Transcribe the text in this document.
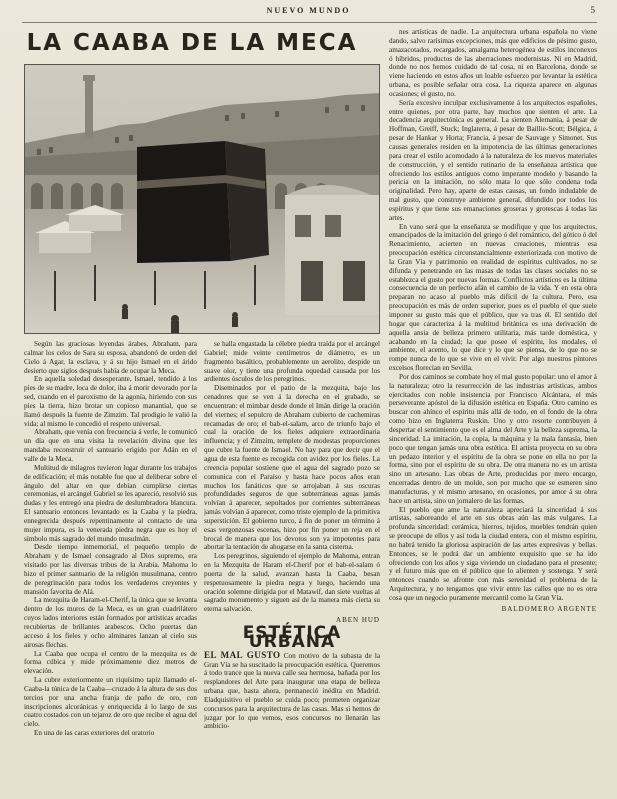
NUEVO MUNDO	5
LA CAABA DE LA MECA

Según las graciosas leyendas árabes, Abraham, para calmar los celos de Sara su esposa, abandonó de orden del Cielo á Agar, la esclava, y á su hijo Ismael en el árido desierto que siglos después había de ocupar la Meca.

En aquella soledad desesperante, Ismael, tendido á los pies de su madre, loca de dolor, iba á morir devorado por la sed, cuando en el paroxismo de la agonía, hiriendo con sus pies la tierra, hizo brotar un copioso manantial, que se llamó después la fuente de Zimzim. Tal prodigio le valió la vida; al mismo le concedió el respeto universal.

Abraham, que venía con frecuencia á verle, le comunicó un día que en una visita la revelación divina que les mandaba reconstruir el santuario erigido por Adán en el valle de la Meca.

Multitud de milagros tuvieron lugar durante los trabajos de edificación; el más notable fue que al deliberar sobre el ángulo del altar en que debían cumplirse ciertas ceremonias, el arcángel Gabriel se les apareció, resolvió sus dudas y les entregó una piedra de deslumbradora blancura. El santuario entonces levantado es la Caaba y la piedra, ennegrecida después repentinamente al contacto de una mujer impura, es la venerada piedra negra que es hoy el símbolo más sagrado del mundo musulmán.

Desde tiempo inmemorial, el pequeño templo de Abraham y de Ismael consagrado al Dios supremo, era visitado por las diversas tribus de la Arabia. Mahoma lo hizo el primer santuario de la religión musulmana, centro de peregrinación para todos los verdaderos creyentes y mansión favorita de Alá.

La mezquita de Haram-el-Cherif, la única que se levanta dentro de los muros de la Meca, es un gran cuadrilátero cuyos lados interiores están formados por artísticas arcadas recubiertas de brillantes arabescos. Ocho puertas dan acceso á los fieles y ocho alminares lanzan al cielo sus airosas flechas.

La Caaba que ocupa el centro de la mezquita es de forma cúbica y mide próximamente diez metros de elevación.

La cubre exteriormente un riquísimo tapiz llamado el-Caaba-la túnica de la Caaba—cruzado á la altura de sus dos tercios por una ancha franja de paño de oro, con inscripciones alcoránicas y enriquecida á lo largo de sus cuatro costados con un tejaroz de oro que recibe el agua del cielo.

En una de las caras exteriores del oratorio

se halla engastada la célebre piedra traída por el arcángel Gabriel; mide veinte centímetros de diámetro, es un fragmento basáltico, probablemente un aerolito, despide un suave olor, y tiene una profunda oquedad causada por los ardientes ósculos de los peregrinos.

Diseminados por el patio de la mezquita, bajo los cenadores que se ven á la derecha en el grabado, se encuentran: el mimbar desde donde el Imán dirige la oración del viernes; el sepulcro de Abraham cubierto de cachemiras recamadas de oro; el bab-el-salam, arco de triunfo bajo el cual la oración de los fieles adquiere extraordinaria influencia; y el Zimzim, templete de modestas proporciones que cubre la fuente de Ismael. No hay para que decir que el agua de esta fuente es recogida con avidez por los fieles. La creencia popular sostiene que el agua del sagrado pozo se comunica con el Paraíso y hasta hace pocos años eran muchos los fanáticos que se arrojaban á sus oscuras profundidades seguros de que subterráneas aguas jamás volvían á aparecer, sepultados por corrientes subterráneas jamás volvían á aparecer, como triste ejemplo de la primitiva superstición. El gobierno turco, á fin de poner un término á esas vergonzosas escenas, hizo por fin poner un reja en el brocal de manera que los devotos son ya impotentes para abortar la tentación de ahogarse en la santa cisterna.

Los peregrinos, siguiendo el ejemplo de Mahoma, entran en la Mezquita de Haram el-Cherif por el bab-el-salam ó puerta de la salud, avanzan hasta la Caaba, besan respetuosamente la piedra negra y luego, haciendo una oración solemne dirigida por el Matawif, dan siete vueltas al sagrado monumento y siguen así de la manera más cierta su eterna salvación.

ABEN HUD
ESTÉTICA URBANA

EL MAL GUSTO Con motivo de la subasta de la Gran Vía se ha suscitado la preocupación estética. Queremos á todo trance que la nueva calle sea hermosa, bañada por los resplandores del Arte para inaugurar una etapa de belleza urbana que, hasta ahora, permaneció inédita en Madrid. Eladquisitivo el pueblo se cuida poco; prometen organizar concursos para la arquitectura de las casas. Mas si hemos de juzgar por lo que vemos, esos concursos no llenarán las ambicio-

nes artísticas de nadie. La arquitectura urbana española no viene dando, salvo rarísimas excepciones, más que edificios de pésimo gusto, amazacotados, recargados, amalgama heterogénea de estilos inconexos ó híbridos, productos de las aberraciones modernistas. Ni en Madrid, donde no nos hemos cuidado de tal cosa, ni en Barcelona, donde se viene haciendo en estos años un loable esfuerzo por levantar la estética urbana, es posible señalar otra cosa. La riqueza aparece en algunas ocasiones; el gusto, no.

Sería excesivo inculpar exclusivamente á los arquitectos españoles, entre quienes, por otra parte, hay muchos que sienten el arte. La decadencia arquitectónica es general. La sienten Alemania, á pesar de Hoffman, Greiff, Stuck; Inglaterra, á pesar de Baillie-Scott; Bélgica, á pesar de Hankar y Horta; Francia, á pesar de Sauvage y Simonet. Sus causas generales residen en la impotencia de las últimas generaciones para crear el estilo acomodado á la naturaleza de los nuevos materiales de construcción, y el sentido rutinario de la enseñanza artística que ofreciendo los estilos antiguos como imperante modelo y basando la pericia en la imitación, no sólo mata lo que sólo condena toda originalidad. Pero hay, aparte de estas causas, un fondo indudable de mal gusto, que construye ambiente general, difundido por todos los espíritus y que tiene sus emanaciones groseras y grotescas á todas las artes.

En vano será que la enseñanza se modifique y que los arquitectos, emancipados de la imitación del griego ó del romántico, del gótico ó del Renacimiento, acierten en nuevas creaciones, mientras esa preocupación estética circunstancialmente exteriorizada con motivo de la Gran Vía y patrimonio en realidad de espíritus cultivados, no se difunda y penetrando en las masas de todas las clases sociales no se establezca el gusto por nuevas formas. Conflictos artísticos es la última consecuencia de un perfecto afán el cambio de la vida. Y en esta obra preparan no acaso al pueblo más difícil de la cultura. Pero, esa preocupación es más de orden superior, pues es el pueblo el que suele imponer su gusto más que el público, que va tras él. El sentido del hogar que caracteriza á la multitud británica es una derivación de aquella ansia de belleza primero utilitaria, más tarde doméstica, y acabando en la ciudad; la que posee el espíritu, los modales, el ambiente, el acento, lo que dice y lo que se piensa, de lo que no se rompe nunca de lo que se vive en el vivir. Por algo nuestros pintores excelsos florecían en Sevilla.

Por dos caminos se combate hoy el mal gusto popular: uno el amor á la naturaleza; otro la resurrección de las industrias artísticas, ambos ejercitados con noble insistencia por Francisco Alcántara, el más perseverante apóstol de la difusión estética en España. Otro camino es buscar con ahínco el espíritu más allá de todo, en el fondo de la obra como hizo en Inglaterra Ruskin. Uno y otro resorte contribuyen á despertar el sentimiento que es el alma del Arte y la belleza suprema, la sinceridad. La imitación, la copia, la máquina y la mala fantasía, bien poco que tengan jamás una obra estética. El artista proyecta en su obra un pedazo interior y el espíritu de la obra se pone en ella no por la forma, sino por el espíritu de su obra. De otra manera no es un artista sino un artesano. Las obras de Arte, producidas por mero encargo, encerradas dentro de un molde, son por mucho que se esmeren sino manufacturas, y el mismo artesano, en ocasiones, por amor á su obra hace un artista, sino un jornalero de las formas.

El pueblo que ame la naturaleza apreciará la sinceridad á sus artistas, saboreando el arte en sus obras aún las más vulgares. La profunda sinceridad: cerámica, hierros, tejidos, muebles tendrán quien se preocupe de ellos y así toda la ciudad entera, con el mismo espíritu, no habrá tenido la gloriosa aspiración de las artes expresivas y bellas. Entonces, se le podrá dar un ambiente exquisito que se ha ido ofreciendo con los años y siga viviendo un ciudadano para el presente; y el futuro más que en el público que lo alienten y sostenga. Y será entonces cuando se afronte con más serenidad el problema de la Arquitectura, y no tengamos que vivir entre las calles que no es otra cosa que un negocio puramente mercantil como la Gran Vía.

BALDOMERO ARGENTE
